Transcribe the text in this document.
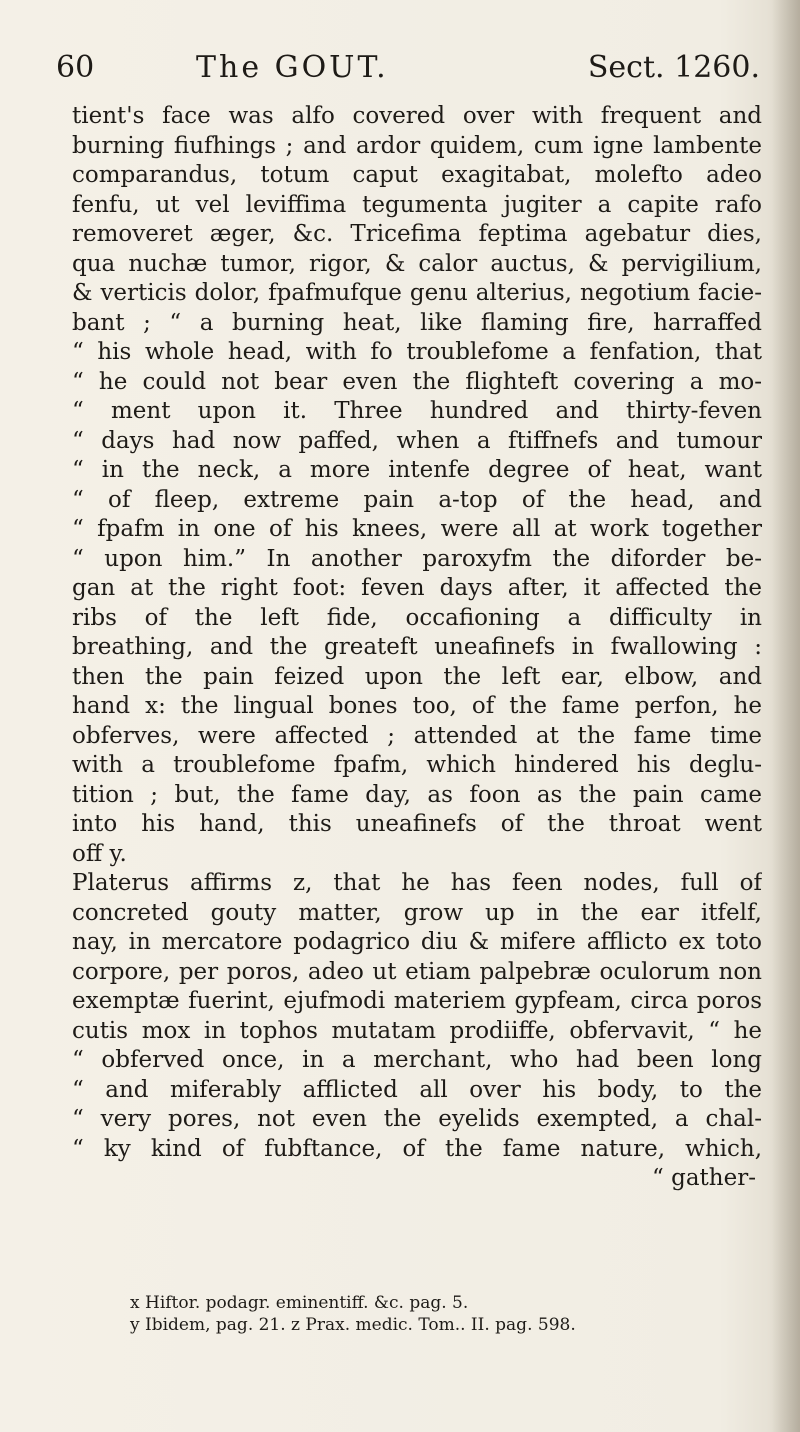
60	The GOUT.	Sect. 1260.
tient's face was alfo covered over with frequent and
burning fiufhings ; and ardor quidem, cum igne lambente
comparandus, totum caput exagitabat, molefto adeo
fenfu, ut vel leviffima tegumenta jugiter a capite rafo
removeret æger, &c. Tricefima feptima agebatur dies,
qua nuchæ tumor, rigor, & calor auctus, & pervigilium,
& verticis dolor, fpafmufque genu alterius, negotium facie-
bant ; “ a burning heat, like flaming fire, harraffed
“ his whole head, with fo troublefome a fenfation, that
“ he could not bear even the flighteft covering a mo-
“ ment upon it. Three hundred and thirty-feven
“ days had now paffed, when a ftiffnefs and tumour
“ in the neck, a more intenfe degree of heat, want
“ of fleep, extreme pain a-top of the head, and
“ fpafm in one of his knees, were all at work together
“ upon him.” In another paroxyfm the diforder be-
gan at the right foot: feven days after, it affected the
ribs of the left fide, occafioning a difficulty in
breathing, and the greateft uneafinefs in fwallowing :
then the pain feized upon the left ear, elbow, and
hand x: the lingual bones too, of the fame perfon, he
obferves, were affected ; attended at the fame time
with a troublefome fpafm, which hindered his deglu-
tition ; but, the fame day, as foon as the pain came
into his hand, this uneafinefs of the throat went
off y.
Platerus affirms z, that he has feen nodes, full of
concreted gouty matter, grow up in the ear itfelf,
nay, in mercatore podagrico diu & mifere afflicto ex toto
corpore, per poros, adeo ut etiam palpebræ oculorum non
exemptæ fuerint, ejufmodi materiem gypfeam, circa poros
cutis mox in tophos mutatam prodiiffe, obfervavit, “ he
“ obferved once, in a merchant, who had been long
“ and miferably afflicted all over his body, to the
“ very pores, not even the eyelids exempted, a chal-
“ ky kind of fubftance, of the fame nature, which,
“ gather-
x Hiftor. podagr. eminentiff. &c. pag. 5.
y Ibidem, pag. 21. z Prax. medic. Tom.. II. pag. 598.
